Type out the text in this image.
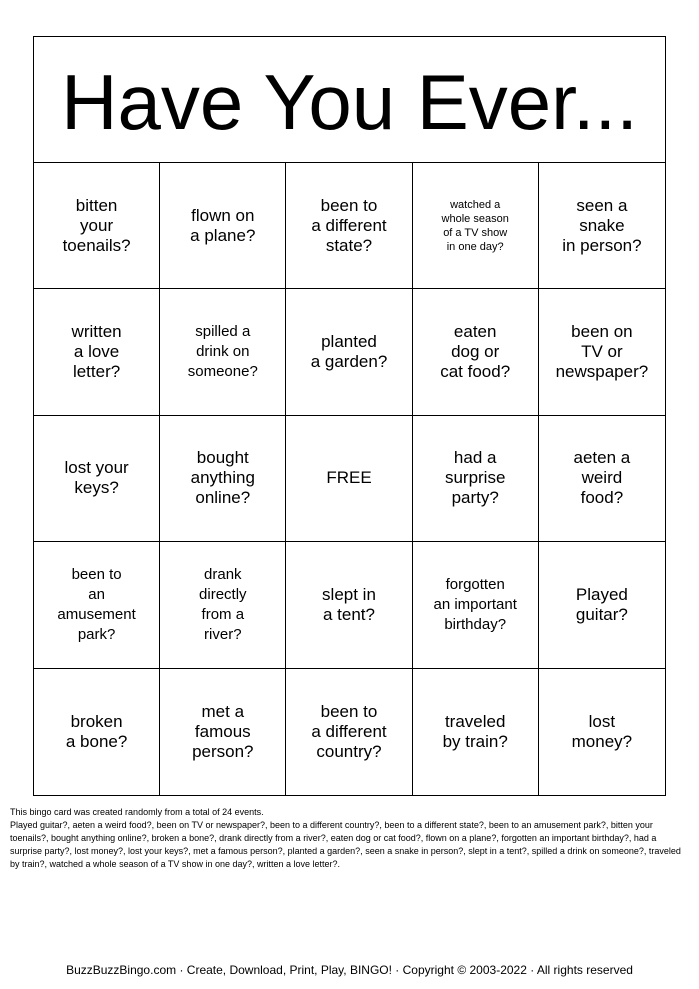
Have You Ever...
bitten
your
toenails?
flown on
a plane?
been to
a different
state?
watched a
whole season
of a TV show
in one day?
seen a
snake
in person?
written
a love
letter?
spilled a
drink on
someone?
planted
a garden?
eaten
dog or
cat food?
been on
TV or
newspaper?
lost your
keys?
bought
anything
online?
FREE
had a
surprise
party?
aeten a
weird
food?
been to
an
amusement
park?
drank
directly
from a
river?
slept in
a tent?
forgotten
an important
birthday?
Played
guitar?
broken
a bone?
met a
famous
person?
been to
a different
country?
traveled
by train?
lost
money?

This bingo card was created randomly from a total of 24 events.

Played guitar?, aeten a weird food?, been on TV or newspaper?, been to a different country?, been to a different state?, been to an amusement park?, bitten your toenails?, bought anything online?, broken a bone?, drank directly from a river?, eaten dog or cat food?, flown on a plane?, forgotten an important birthday?, had a surprise party?, lost money?, lost your keys?, met a famous person?, planted a garden?, seen a snake in person?, slept in a tent?, spilled a drink on someone?, traveled by train?, watched a whole season of a TV show in one day?, written a love letter?.

BuzzBuzzBingo.com · Create, Download, Print, Play, BINGO! · Copyright © 2003-2022 · All rights reserved
